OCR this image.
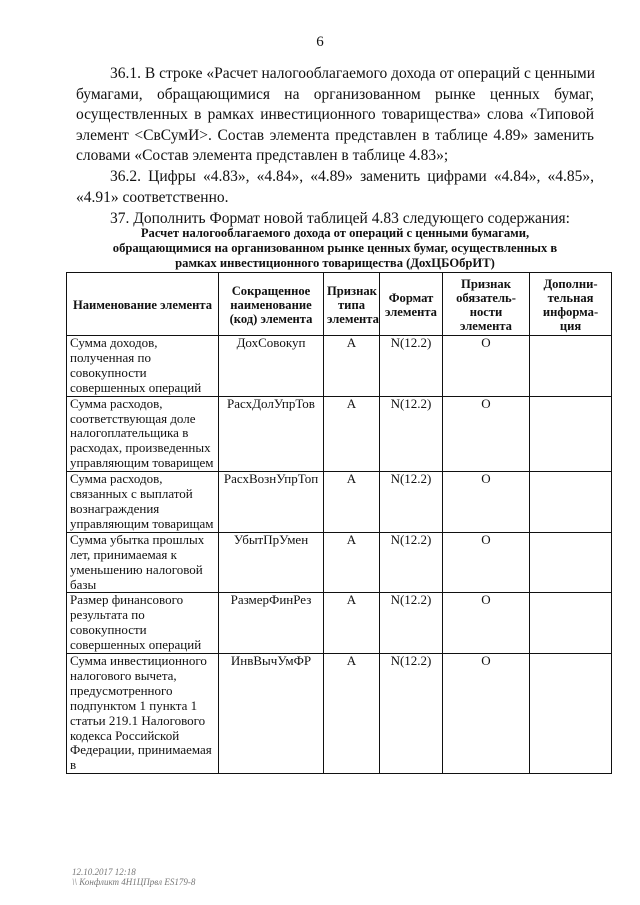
6
36.1. В строке «Расчет налогооблагаемого дохода от операций с ценными
бумагами, обращающимися на организованном рынке ценных бумаг,
осуществленных в рамках инвестиционного товарищества» слова «Типовой
элемент <СвСумИ>. Состав элемента представлен в таблице 4.89» заменить
словами «Состав элемента представлен в таблице 4.83»;
36.2. Цифры «4.83», «4.84», «4.89» заменить цифрами «4.84», «4.85»,
«4.91» соответственно.
37. Дополнить Формат новой таблицей 4.83 следующего содержания:
Расчет налогооблагаемого дохода от операций с ценными бумагами,
обращающимися на организованном рынке ценных бумаг, осуществленных в
рамках инвестиционного товарищества (ДохЦБОбрИТ)
Наименование элемента	Сокращенное наименование (код) элемента	Признак типа элемента	Формат элемента	Признак обязатель-ности элемента	Дополни-тельная информа-ция
Сумма доходов, полученная по совокупности совершенных операций	ДохСовокуп	А	N(12.2)	О	
Сумма расходов, соответствующая доле налогоплательщика в расходах, произведенных управляющим товарищем	РасхДолУпрТов	А	N(12.2)	О	
Сумма расходов, связанных с выплатой вознаграждения управляющим товарищам	РасхВознУпрТоп	А	N(12.2)	О	
Сумма убытка прошлых лет, принимаемая к уменьшению налоговой базы	УбытПрУмен	А	N(12.2)	О	
Размер финансового результата по совокупности совершенных операций	РазмерФинРез	А	N(12.2)	О	
Сумма инвестиционного налогового вычета, предусмотренного подпунктом 1 пункта 1 статьи 219.1 Налогового кодекса Российской Федерации, принимаемая в	ИнвВычУмФР	А	N(12.2)	О	
12.10.2017 12:18
\\ Конфликт 4Н1ЦПрвл ЕS179-8
